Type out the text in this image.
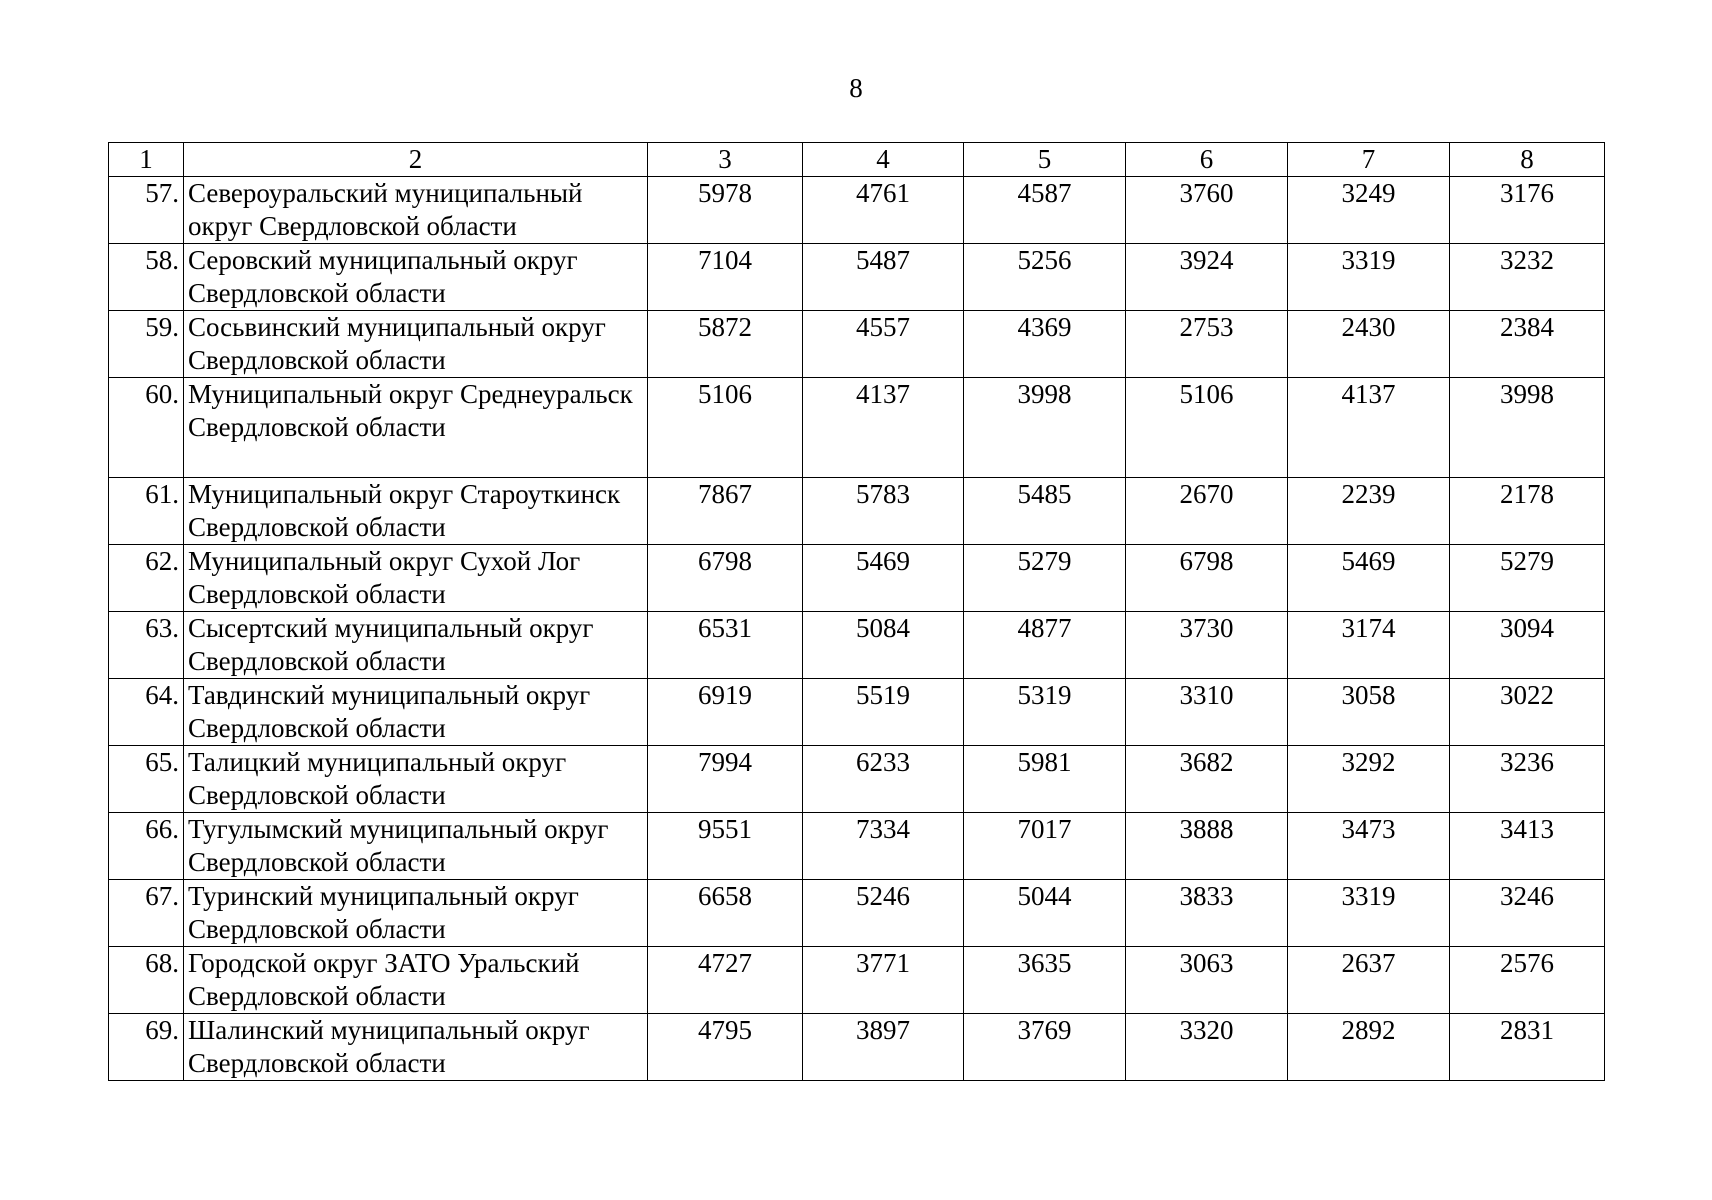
8
1	2	3	4	5	6	7	8
57.	Североуральский муниципальный округ Свердловской области	5978	4761	4587	3760	3249	3176
58.	Серовский муниципальный округ Свердловской области	7104	5487	5256	3924	3319	3232
59.	Сосьвинский муниципальный округ Свердловской области	5872	4557	4369	2753	2430	2384
60.	Муниципальный округ Среднеуральск Свердловской области	5106	4137	3998	5106	4137	3998
61.	Муниципальный округ Староуткинск Свердловской области	7867	5783	5485	2670	2239	2178
62.	Муниципальный округ Сухой Лог Свердловской области	6798	5469	5279	6798	5469	5279
63.	Сысертский муниципальный округ Свердловской области	6531	5084	4877	3730	3174	3094
64.	Тавдинский муниципальный округ Свердловской области	6919	5519	5319	3310	3058	3022
65.	Талицкий муниципальный округ Свердловской области	7994	6233	5981	3682	3292	3236
66.	Тугулымский муниципальный округ Свердловской области	9551	7334	7017	3888	3473	3413
67.	Туринский муниципальный округ Свердловской области	6658	5246	5044	3833	3319	3246
68.	Городской округ ЗАТО Уральский Свердловской области	4727	3771	3635	3063	2637	2576
69.	Шалинский муниципальный округ Свердловской области	4795	3897	3769	3320	2892	2831
